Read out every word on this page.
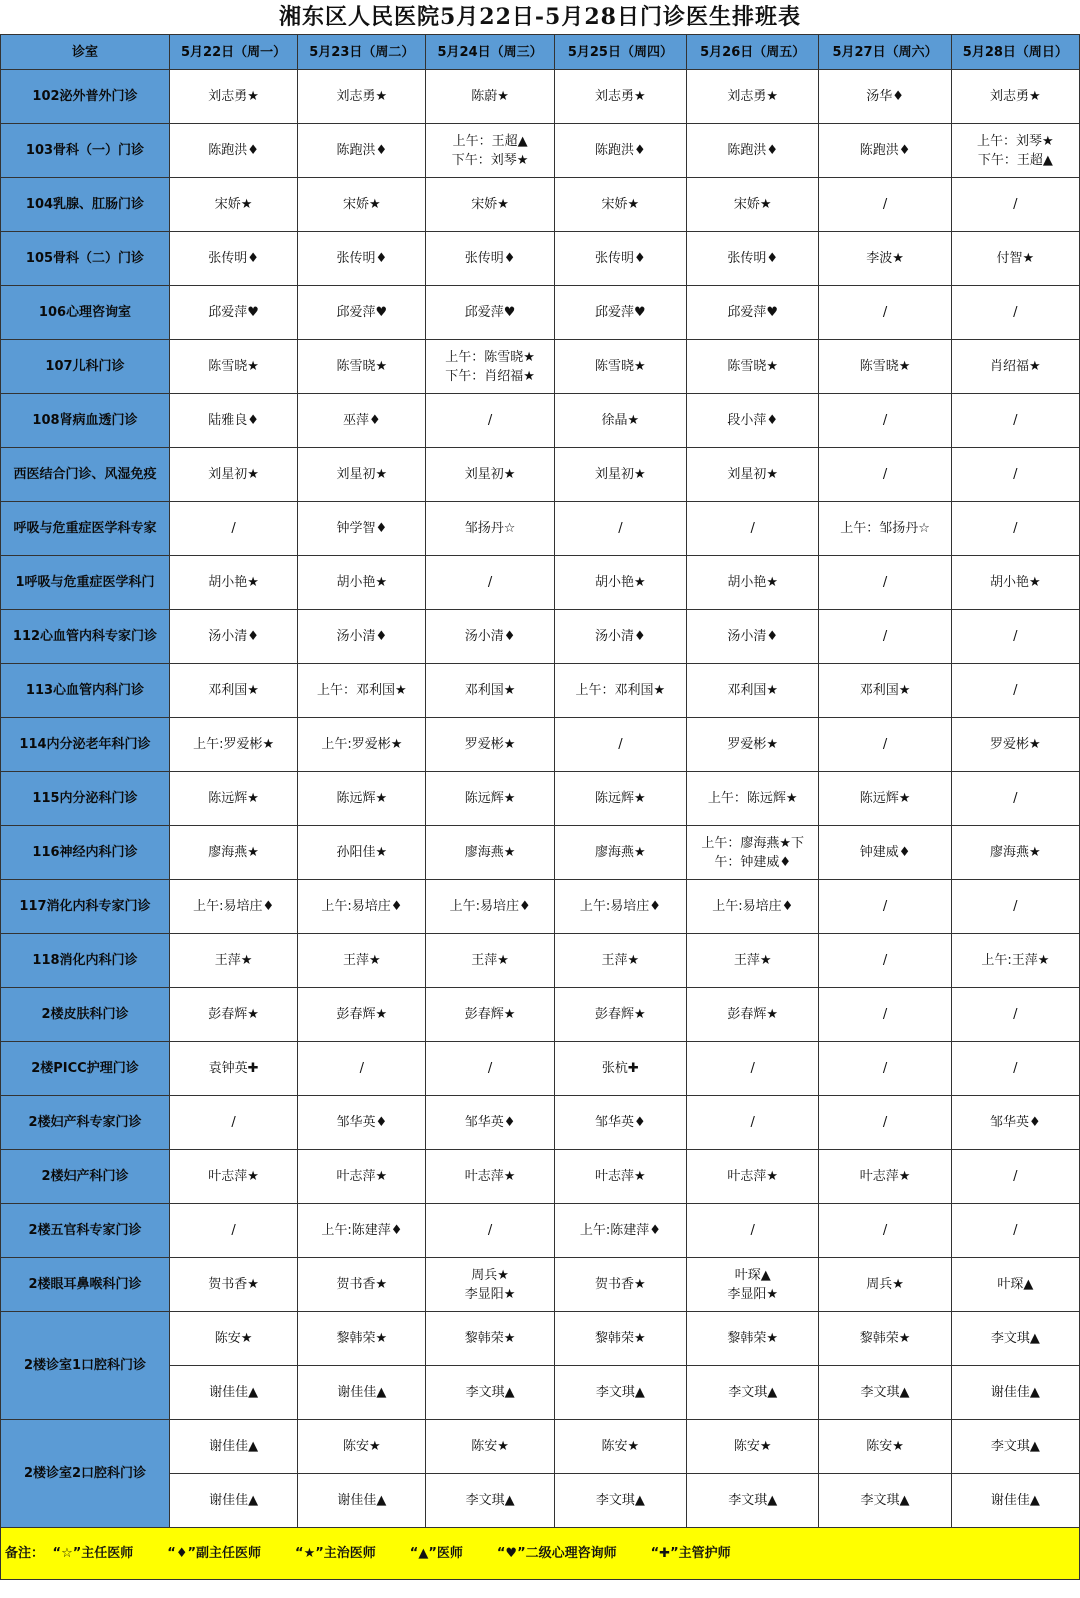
湘东区人民医院5月22日-5月28日门诊医生排班表
诊室	5月22日（周一）	5月23日（周二）	5月24日（周三）	5月25日（周四）	5月26日（周五）	5月27日（周六）	5月28日（周日）
102泌外普外门诊	刘志勇★	刘志勇★	陈蔚★	刘志勇★	刘志勇★	汤华♦	刘志勇★

103骨科（一）门诊	陈跑洪♦	陈跑洪♦	上午：王超▲
下午：刘琴★	陈跑洪♦	陈跑洪♦	陈跑洪♦	上午：刘琴★
下午：王超▲

104乳腺、肛肠门诊	宋娇★	宋娇★	宋娇★	宋娇★	宋娇★	/	/

105骨科（二）门诊	张传明♦	张传明♦	张传明♦	张传明♦	张传明♦	李波★	付智★

106心理咨询室	邱爱萍♥	邱爱萍♥	邱爱萍♥	邱爱萍♥	邱爱萍♥	/	/

107儿科门诊	陈雪晓★	陈雪晓★	上午：陈雪晓★
下午：肖绍福★	陈雪晓★	陈雪晓★	陈雪晓★	肖绍福★

108肾病血透门诊	陆雅良♦	巫萍♦	/	徐晶★	段小萍♦	/	/

西医结合门诊、风湿免疫	刘星初★	刘星初★	刘星初★	刘星初★	刘星初★	/	/

呼吸与危重症医学科专家	/	钟学智♦	邹扬丹☆	/	/	上午：邹扬丹☆	/

1呼吸与危重症医学科门	胡小艳★	胡小艳★	/	胡小艳★	胡小艳★	/	胡小艳★

112心血管内科专家门诊	汤小清♦	汤小清♦	汤小清♦	汤小清♦	汤小清♦	/	/

113心血管内科门诊	邓利国★	上午：邓利国★	邓利国★	上午：邓利国★	邓利国★	邓利国★	/

114内分泌老年科门诊	上午:罗爱彬★	上午:罗爱彬★	罗爱彬★	/	罗爱彬★	/	罗爱彬★

115内分泌科门诊	陈远辉★	陈远辉★	陈远辉★	陈远辉★	上午：陈远辉★	陈远辉★	/

116神经内科门诊	廖海燕★	孙阳佳★	廖海燕★	廖海燕★	上午：廖海燕★下
午：钟建威♦	钟建威♦	廖海燕★

117消化内科专家门诊	上午:易培庄♦	上午:易培庄♦	上午:易培庄♦	上午:易培庄♦	上午:易培庄♦	/	/

118消化内科门诊	王萍★	王萍★	王萍★	王萍★	王萍★	/	上午:王萍★

2楼皮肤科门诊	彭春辉★	彭春辉★	彭春辉★	彭春辉★	彭春辉★	/	/

2楼PICC护理门诊	袁钟英✚	/	/	张杭✚	/	/	/

2楼妇产科专家门诊	/	邹华英♦	邹华英♦	邹华英♦	/	/	邹华英♦

2楼妇产科门诊	叶志萍★	叶志萍★	叶志萍★	叶志萍★	叶志萍★	叶志萍★	/

2楼五官科专家门诊	/	上午:陈建萍♦	/	上午:陈建萍♦	/	/	/

2楼眼耳鼻喉科门诊	贺书香★	贺书香★	周兵★
李显阳★	贺书香★	叶琛▲
李显阳★	周兵★	叶琛▲

2楼诊室1口腔科门诊	陈安★	黎韩荣★	黎韩荣★	黎韩荣★	黎韩荣★	黎韩荣★	李文琪▲

	谢佳佳▲	谢佳佳▲	李文琪▲	李文琪▲	李文琪▲	李文琪▲	谢佳佳▲

2楼诊室2口腔科门诊	谢佳佳▲	陈安★	陈安★	陈安★	陈安★	陈安★	李文琪▲

	谢佳佳▲	谢佳佳▲	李文琪▲	李文琪▲	李文琪▲	李文琪▲	谢佳佳▲
备注： “☆”主任医师	“♦”副主任医师	“★”主治医师	“▲”医师	“♥”二级心理咨询师	“✚”主管护师
